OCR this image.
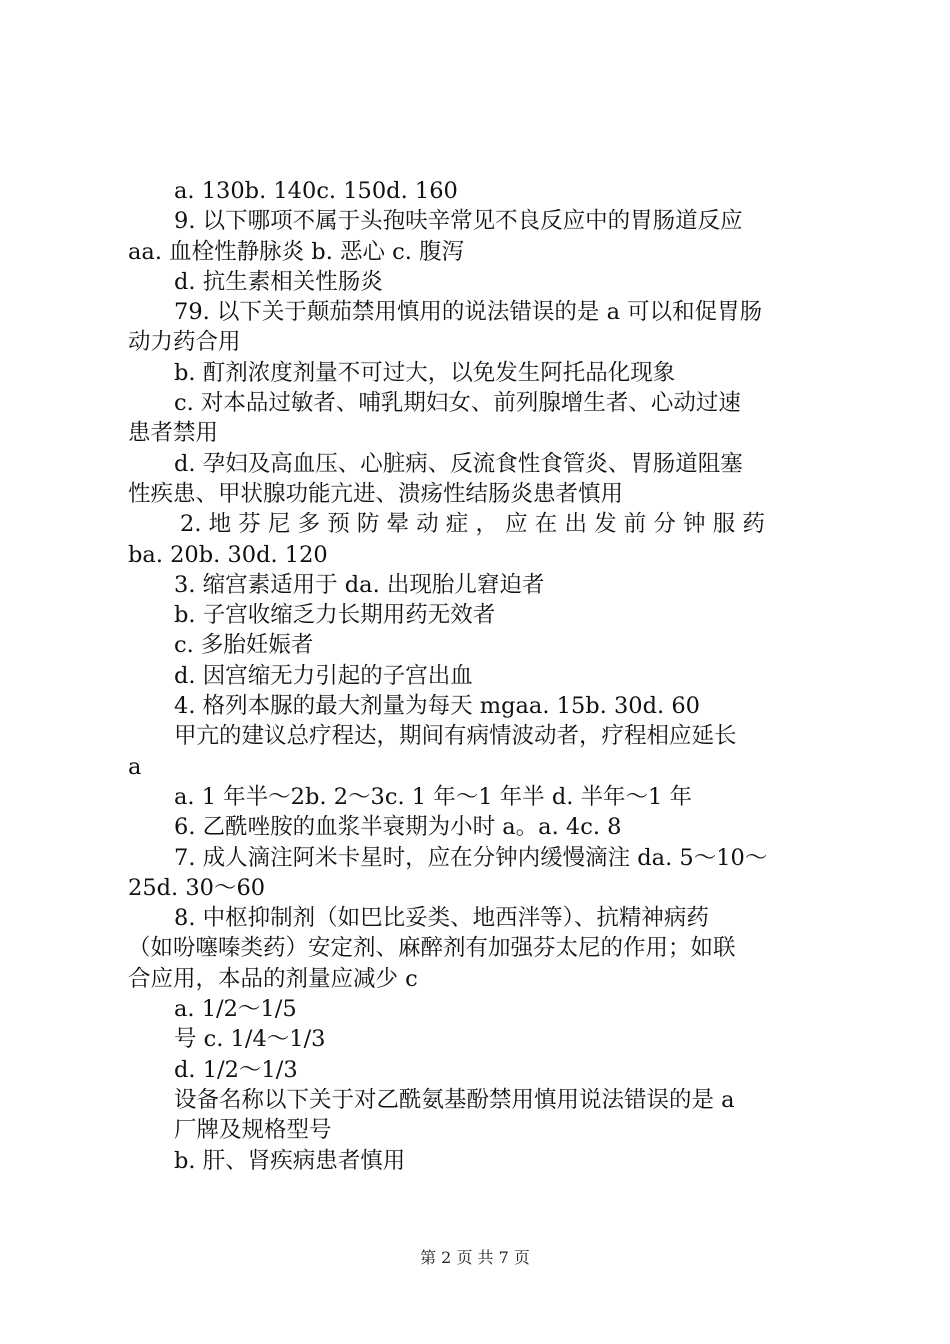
a. 130b. 140c. 150d. 160
9. 以下哪项不属于头孢呋辛常见不良反应中的胃肠道反应
aa. 血栓性静脉炎 b. 恶心 c. 腹泻
d. 抗生素相关性肠炎
79. 以下关于颠茄禁用慎用的说法错误的是 a 可以和促胃肠
动力药合用
b. 酊剂浓度剂量不可过大，以免发生阿托品化现象
c. 对本品过敏者、哺乳期妇女、前列腺增生者、心动过速
患者禁用
d. 孕妇及高血压、心脏病、反流食性食管炎、胃肠道阻塞
性疾患、甲状腺功能亢进、溃疡性结肠炎患者慎用
2. 地 芬 尼 多 预 防 晕 动 症 ， 应 在 出 发 前 分 钟 服 药
ba. 20b. 30d. 120
3. 缩宫素适用于 da. 出现胎儿窘迫者
b. 子宫收缩乏力长期用药无效者
c. 多胎妊娠者
d. 因宫缩无力引起的子宫出血
4. 格列本脲的最大剂量为每天 mgaa. 15b. 30d. 60
甲亢的建议总疗程达，期间有病情波动者，疗程相应延长
a
a. 1 年半～2b. 2～3c. 1 年～1 年半 d. 半年～1 年
6. 乙酰唑胺的血浆半衰期为小时 a。a. 4c. 8
7. 成人滴注阿米卡星时，应在分钟内缓慢滴注 da. 5～10～
25d. 30～60
8. 中枢抑制剂（如巴比妥类、地西泮等）、抗精神病药
（如吩噻嗪类药）安定剂、麻醉剂有加强芬太尼的作用；如联
合应用，本品的剂量应减少 c
a. 1/2～1/5
号 c. 1/4～1/3
d. 1/2～1/3
设备名称以下关于对乙酰氨基酚禁用慎用说法错误的是 a
厂牌及规格型号
b. 肝、肾疾病患者慎用
第 2 页 共 7 页
